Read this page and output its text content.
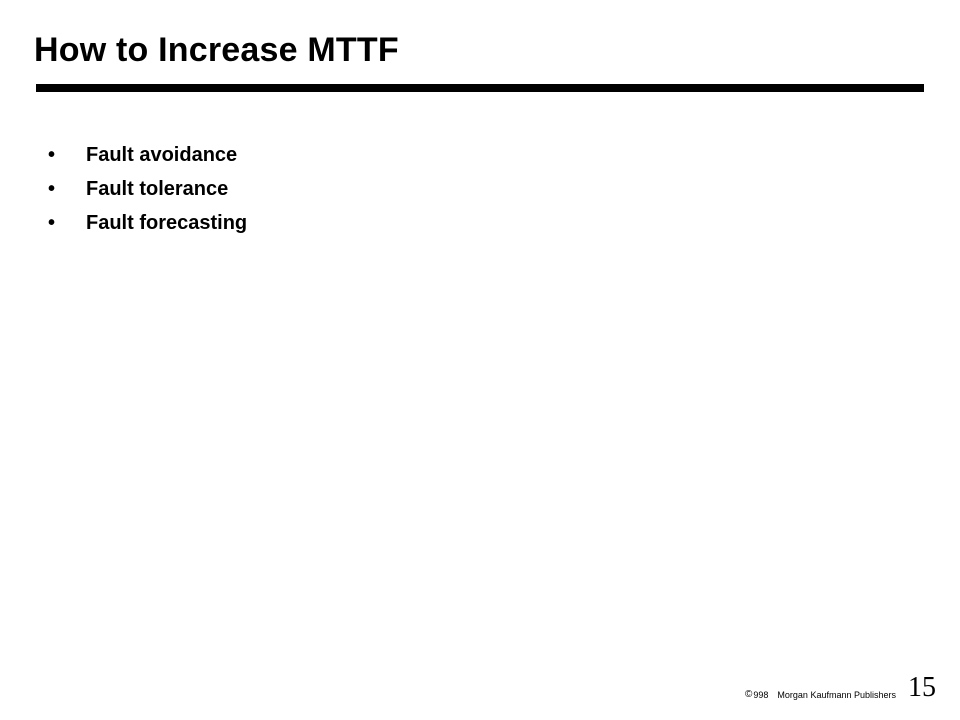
How to Increase MTTF
•	Fault avoidance
•	Fault tolerance
•	Fault forecasting
© 998 Morgan Kaufmann Publishers 15
